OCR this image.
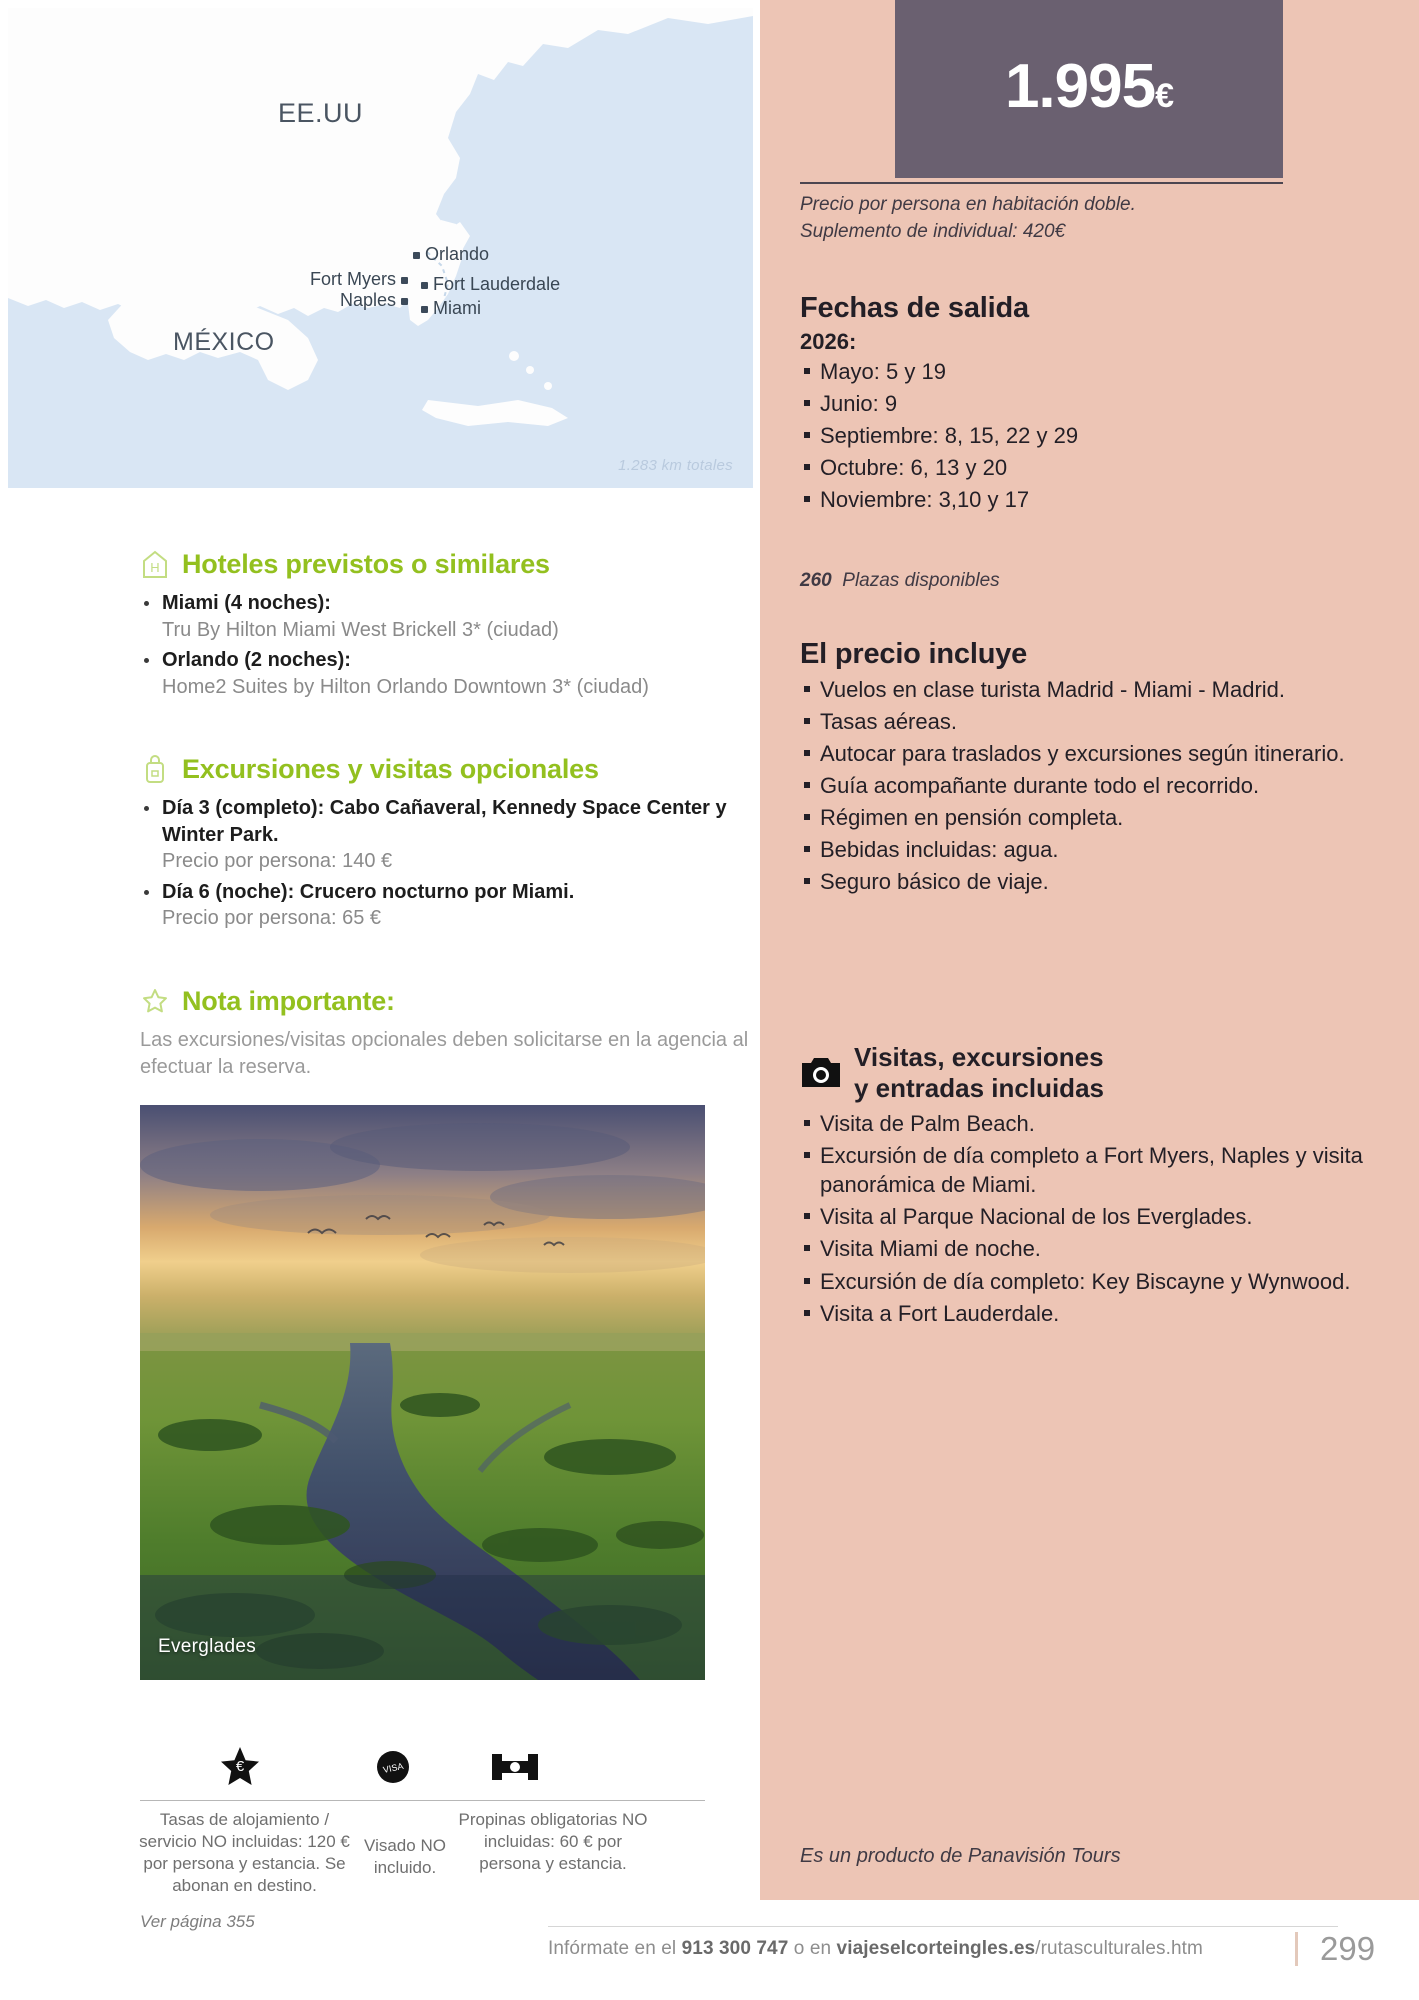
EE.UU
MÉXICO
Orlando
Fort Myers	Fort Lauderdale
Naples	Miami
1.283 km totales
H Hoteles previstos o similares
Miami (4 noches):
Tru By Hilton Miami West Brickell 3* (ciudad)
Orlando (2 noches):
Home2 Suites by Hilton Orlando Downtown 3* (ciudad)
Excursiones y visitas opcionales
Día 3 (completo): Cabo Cañaveral, Kennedy Space Center y Winter Park.
Precio por persona: 140 €
Día 6 (noche): Crucero nocturno por Miami.
Precio por persona: 65 €
Nota importante:
Las excursiones/visitas opcionales deben solicitarse en la agencia al efectuar la reserva.
Everglades
€	VISA
Tasas de alojamiento / servicio NO incluidas: 120 € por persona y estancia. Se abonan en destino.
Visado NO incluido.
Propinas obligatorias NO incluidas: 60 € por persona y estancia.
Ver página 355
1.995€
Precio por persona en habitación doble.
Suplemento de individual: 420€
Fechas de salida
2026:
Mayo: 5 y 19
Junio: 9
Septiembre: 8, 15, 22 y 29
Octubre: 6, 13 y 20
Noviembre: 3,10 y 17
260 Plazas disponibles
El precio incluye
Vuelos en clase turista Madrid - Miami - Madrid.
Tasas aéreas.
Autocar para traslados y excursiones según itinerario.
Guía acompañante durante todo el recorrido.
Régimen en pensión completa.
Bebidas incluidas: agua.
Seguro básico de viaje.
Visitas, excursiones
y entradas incluidas
Visita de Palm Beach.
Excursión de día completo a Fort Myers, Naples y visita panorámica de Miami.
Visita al Parque Nacional de los Everglades.
Visita Miami de noche.
Excursión de día completo: Key Biscayne y Wynwood.
Visita a Fort Lauderdale.
Es un producto de Panavisión Tours
Infórmate en el 913 300 747 o en viajeselcorteingles.es/rutasculturales.htm	299
